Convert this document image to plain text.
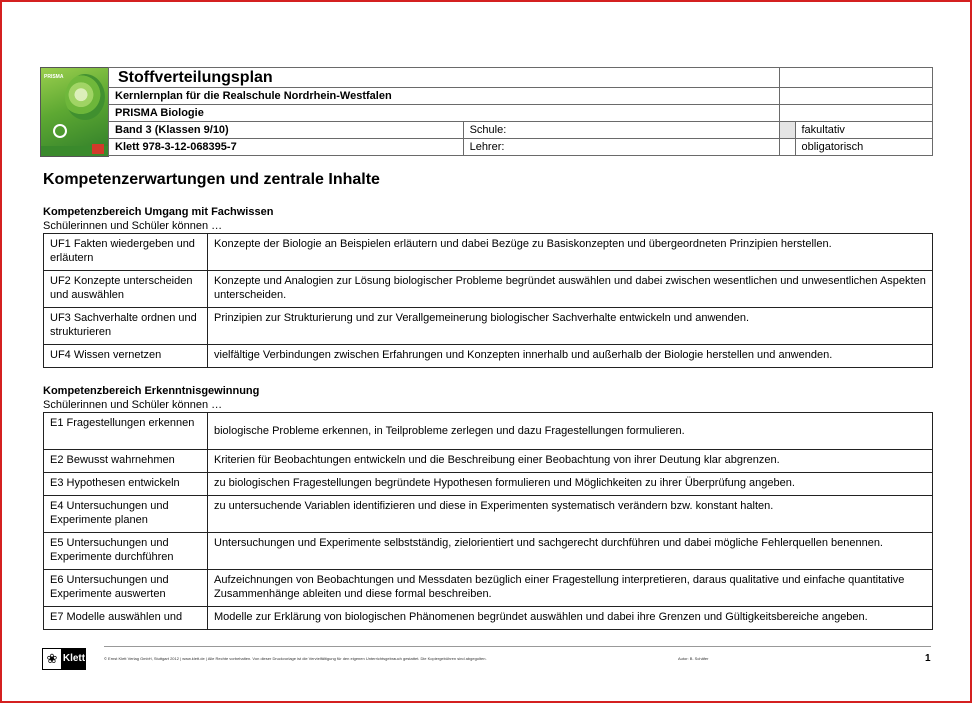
PRISMA	Stoffverteilungsplan			
Kernlernplan für die Realschule Nordrhein-Westfalen			
PRISMA Biologie			
Band 3 (Klassen 9/10)	Schule:		fakultativ
Klett 978-3-12-068395-7	Lehrer:		obligatorisch
Kompetenzerwartungen und zentrale Inhalte

Kompetenzbereich Umgang mit Fachwissen

Schülerinnen und Schüler können …

UF1 Fakten wiedergeben und erläutern	Konzepte der Biologie an Beispielen erläutern und dabei Bezüge zu Basiskonzepten und übergeordneten Prinzipien herstellen.
UF2 Konzepte unterscheiden und auswählen	Konzepte und Analogien zur Lösung biologischer Probleme begründet auswählen und dabei zwischen wesentlichen und unwesentlichen Aspekten unterscheiden.
UF3 Sachverhalte ordnen und strukturieren	Prinzipien zur Strukturierung und zur Verallgemeinerung biologischer Sachverhalte entwickeln und anwenden.
UF4 Wissen vernetzen	vielfältige Verbindungen zwischen Erfahrungen und Konzepten innerhalb und außerhalb der Biologie herstellen und anwenden.

Kompetenzbereich Erkenntnisgewinnung

Schülerinnen und Schüler können …

E1 Fragestellungen erkennen	biologische Probleme erkennen, in Teilprobleme zerlegen und dazu Fragestellungen formulieren.
E2 Bewusst wahrnehmen	Kriterien für Beobachtungen entwickeln und die Beschreibung einer Beobachtung von ihrer Deutung klar abgrenzen.
E3 Hypothesen entwickeln	zu biologischen Fragestellungen begründete Hypothesen formulieren und Möglichkeiten zu ihrer Überprüfung angeben.
E4 Untersuchungen und Experimente planen	zu untersuchende Variablen identifizieren und diese in Experimenten systematisch verändern bzw. konstant halten.
E5 Untersuchungen und Experimente durchführen	Untersuchungen und Experimente selbstständig, zielorientiert und sachgerecht durchführen und dabei mögliche Fehlerquellen benennen.
E6 Untersuchungen und Experimente auswerten	Aufzeichnungen von Beobachtungen und Messdaten bezüglich einer Fragestellung interpretieren, daraus qualitative und einfache quantitative Zusammenhänge ableiten und diese formal beschreiben.
E7 Modelle auswählen und	Modelle zur Erklärung von biologischen Phänomenen begründet auswählen und dabei ihre Grenzen und Gültigkeitsbereiche angeben.
❀ Klett	© Ernst Klett Verlag GmbH, Stuttgart 2012 | www.klett.de | Alle Rechte vorbehalten. Von dieser Druckvorlage ist die Vervielfältigung für den eigenen Unterrichtsgebrauch gestattet. Die Kopiergebühren sind abgegolten.	Autor: B. Schäfer	1
